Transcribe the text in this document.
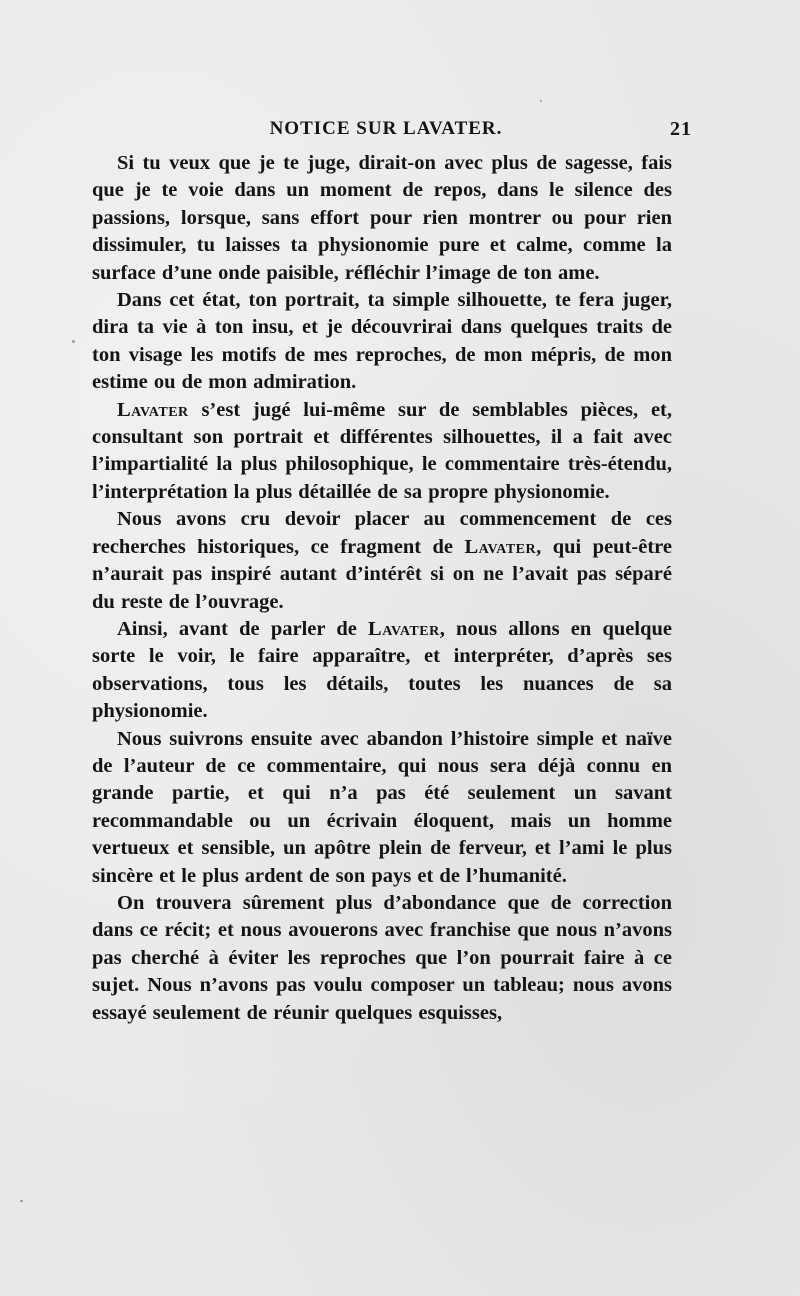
NOTICE SUR LAVATER.	21

Si tu veux que je te juge, dirait-on avec plus de sagesse, fais que je te voie dans un moment de repos, dans le silence des passions, lorsque, sans effort pour rien montrer ou pour rien dissimuler, tu laisses ta physionomie pure et calme, comme la surface d’une onde paisible, réfléchir l’image de ton ame.

Dans cet état, ton portrait, ta simple silhouette, te fera juger, dira ta vie à ton insu, et je découvrirai dans quelques traits de ton visage les motifs de mes reproches, de mon mépris, de mon estime ou de mon admiration.

Lavater s’est jugé lui-même sur de semblables pièces, et, consultant son portrait et différentes silhouettes, il a fait avec l’impartialité la plus philosophique, le commentaire très-étendu, l’interprétation la plus détaillée de sa propre physionomie.

Nous avons cru devoir placer au commencement de ces recherches historiques, ce fragment de Lavater, qui peut-être n’aurait pas inspiré autant d’intérêt si on ne l’avait pas séparé du reste de l’ouvrage.

Ainsi, avant de parler de Lavater, nous allons en quelque sorte le voir, le faire apparaître, et interpréter, d’après ses observations, tous les détails, toutes les nuances de sa physionomie.

Nous suivrons ensuite avec abandon l’histoire simple et naïve de l’auteur de ce commentaire, qui nous sera déjà connu en grande partie, et qui n’a pas été seulement un savant recommandable ou un écrivain éloquent, mais un homme vertueux et sensible, un apôtre plein de ferveur, et l’ami le plus sincère et le plus ardent de son pays et de l’humanité.

On trouvera sûrement plus d’abondance que de correction dans ce récit; et nous avouerons avec franchise que nous n’avons pas cherché à éviter les reproches que l’on pourrait faire à ce sujet. Nous n’avons pas voulu composer un tableau; nous avons essayé seulement de réunir quelques esquisses,
